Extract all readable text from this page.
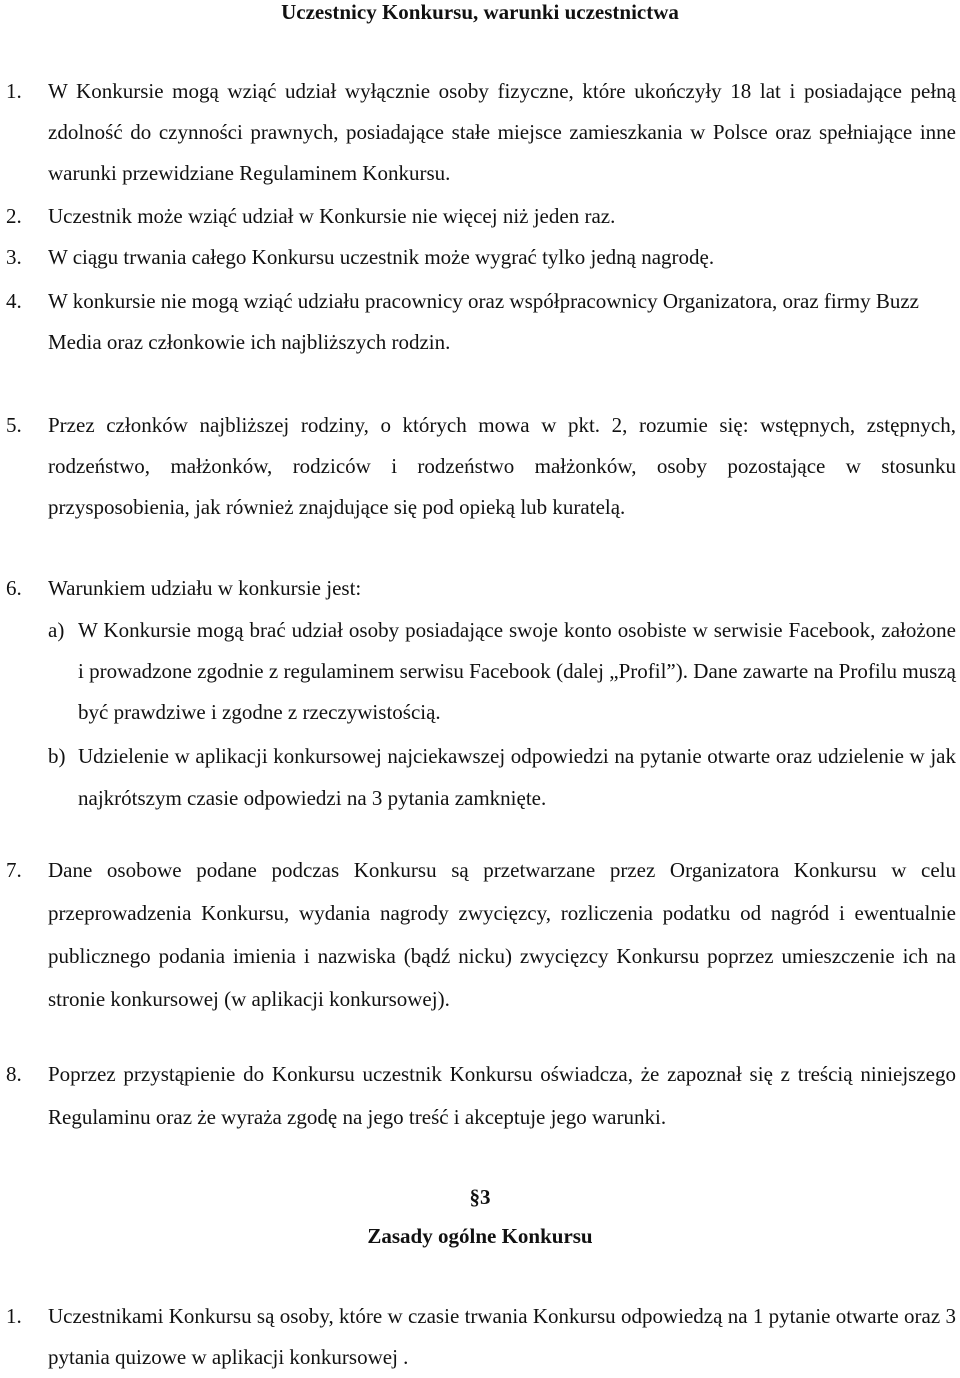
Uczestnicy Konkursu, warunki uczestnictwa
1.	W Konkursie mogą wziąć udział wyłącznie osoby fizyczne, które ukończyły 18 lat i posiadające pełną zdolność do czynności prawnych, posiadające stałe miejsce zamieszkania w Polsce oraz spełniające inne warunki przewidziane Regulaminem Konkursu.
2.	Uczestnik może wziąć udział w Konkursie nie więcej niż jeden raz.
3.	W ciągu trwania całego Konkursu uczestnik może wygrać tylko jedną nagrodę.
4.	W konkursie nie mogą wziąć udziału pracownicy oraz współpracownicy Organizatora, oraz firmy Buzz Media oraz członkowie ich najbliższych rodzin.
5.	Przez członków najbliższej rodziny, o których mowa w pkt. 2, rozumie się: wstępnych, zstępnych, rodzeństwo, małżonków, rodziców i rodzeństwo małżonków, osoby pozostające w stosunku przysposobienia, jak również znajdujące się pod opieką lub kuratelą.
6.	Warunkiem udziału w konkursie jest:
a) W Konkursie mogą brać udział osoby posiadające swoje konto osobiste w serwisie Facebook, założone i prowadzone zgodnie z regulaminem serwisu Facebook (dalej „Profil”). Dane zawarte na Profilu muszą być prawdziwe i zgodne z rzeczywistością.
b) Udzielenie w aplikacji konkursowej najciekawszej odpowiedzi na pytanie otwarte oraz udzielenie w jak najkrótszym czasie odpowiedzi na 3 pytania zamknięte.
7.	Dane osobowe podane podczas Konkursu są przetwarzane przez Organizatora Konkursu w celu przeprowadzenia Konkursu, wydania nagrody zwycięzcy, rozliczenia podatku od nagród i ewentualnie publicznego podania imienia i nazwiska (bądź nicku) zwycięzcy Konkursu poprzez umieszczenie ich na stronie konkursowej (w aplikacji konkursowej).
8.	Poprzez przystąpienie do Konkursu uczestnik Konkursu oświadcza, że zapoznał się z treścią niniejszego Regulaminu oraz że wyraża zgodę na jego treść i akceptuje jego warunki.
§3
Zasady ogólne Konkursu
1.	Uczestnikami Konkursu są osoby, które w czasie trwania Konkursu odpowiedzą na 1 pytanie otwarte oraz 3 pytania quizowe w aplikacji konkursowej .
